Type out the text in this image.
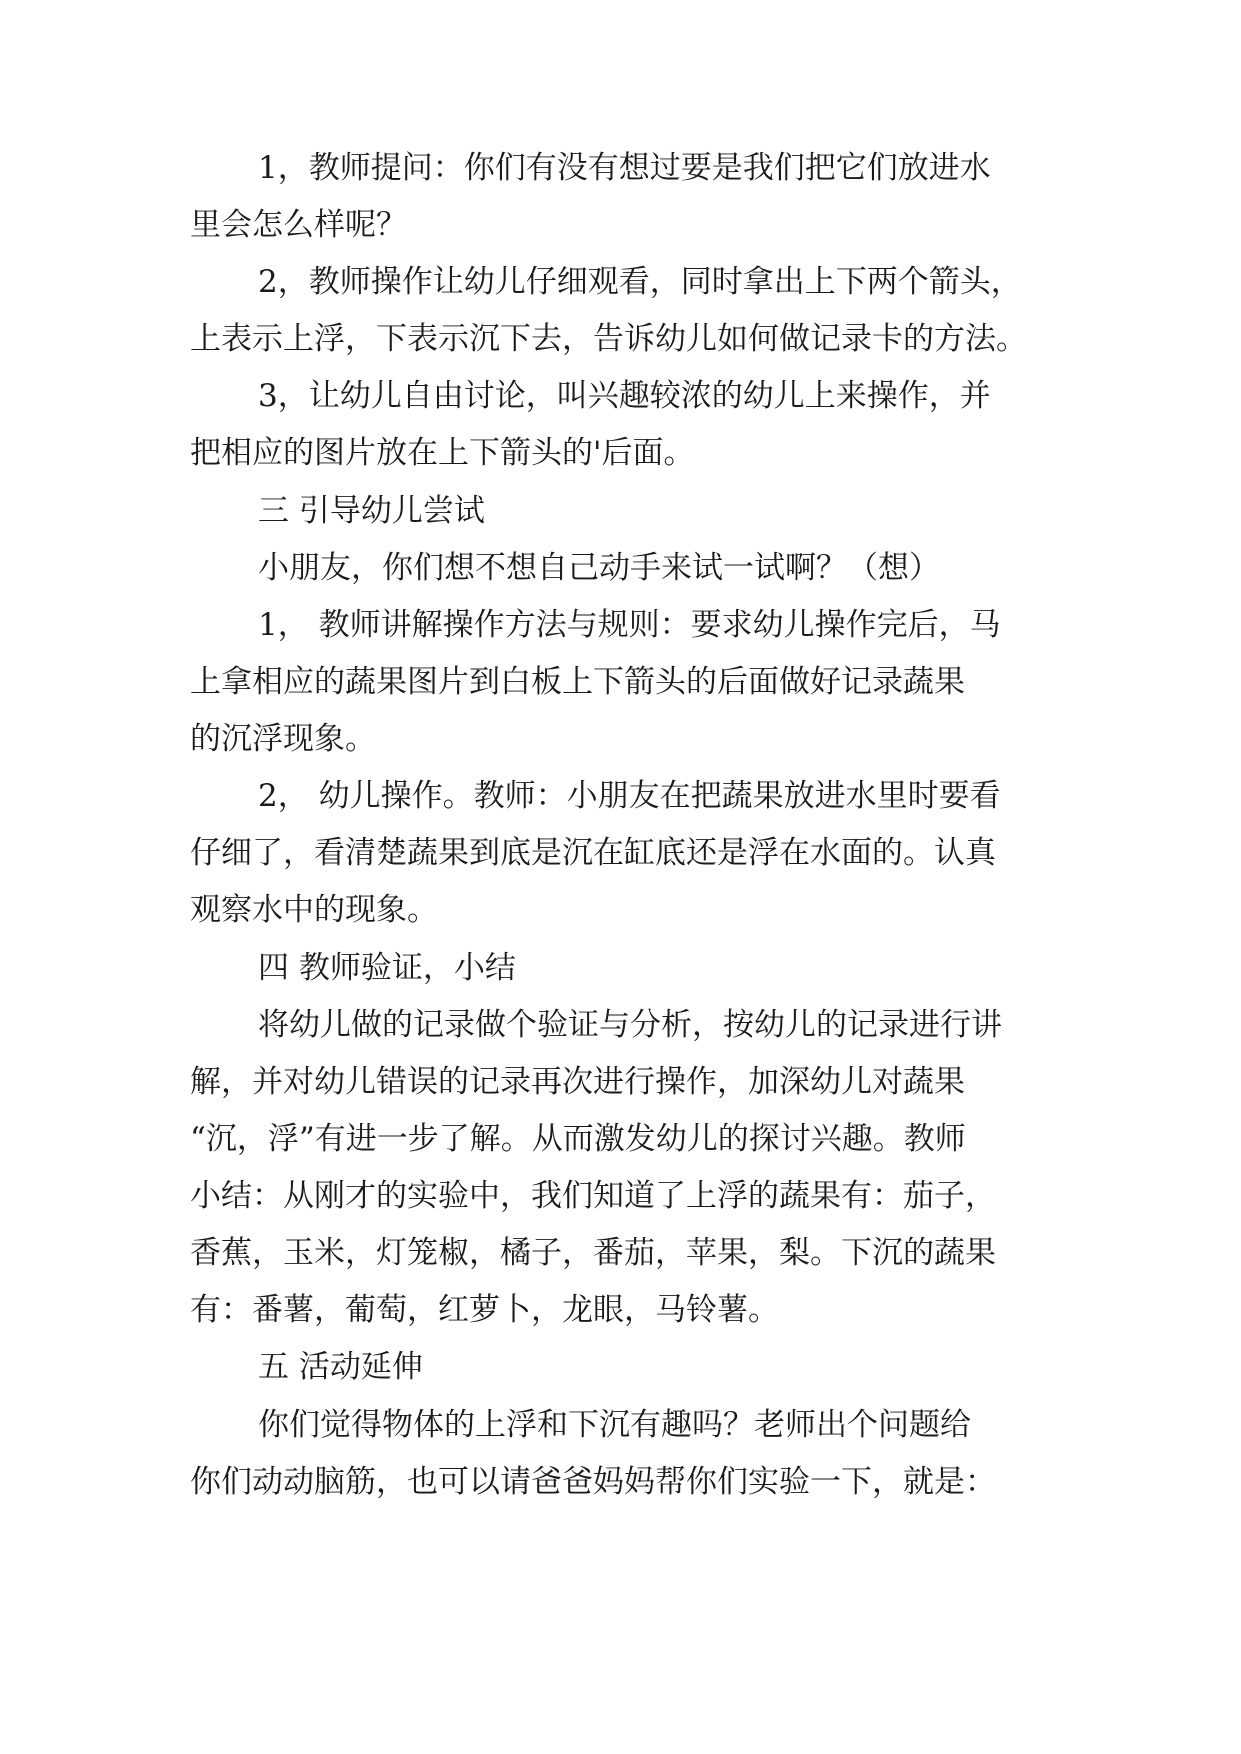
1，教师提问：你们有没有想过要是我们把它们放进水
里会怎么样呢？
2，教师操作让幼儿仔细观看，同时拿出上下两个箭头，
上表示上浮，下表示沉下去，告诉幼儿如何做记录卡的方法。
3，让幼儿自由讨论，叫兴趣较浓的幼儿上来操作，并
把相应的图片放在上下箭头的'后面。
三 引导幼儿尝试
小朋友，你们想不想自己动手来试一试啊？（想）
1， 教师讲解操作方法与规则：要求幼儿操作完后，马
上拿相应的蔬果图片到白板上下箭头的后面做好记录蔬果
的沉浮现象。
2， 幼儿操作。教师：小朋友在把蔬果放进水里时要看
仔细了，看清楚蔬果到底是沉在缸底还是浮在水面的。认真
观察水中的现象。
四 教师验证，小结
将幼儿做的记录做个验证与分析，按幼儿的记录进行讲
解，并对幼儿错误的记录再次进行操作，加深幼儿对蔬果
“沉，浮”有进一步了解。从而激发幼儿的探讨兴趣。教师
小结：从刚才的实验中，我们知道了上浮的蔬果有：茄子，
香蕉，玉米，灯笼椒，橘子，番茄，苹果，梨。下沉的蔬果
有：番薯，葡萄，红萝卜，龙眼，马铃薯。
五 活动延伸
你们觉得物体的上浮和下沉有趣吗？老师出个问题给
你们动动脑筋，也可以请爸爸妈妈帮你们实验一下，就是：
